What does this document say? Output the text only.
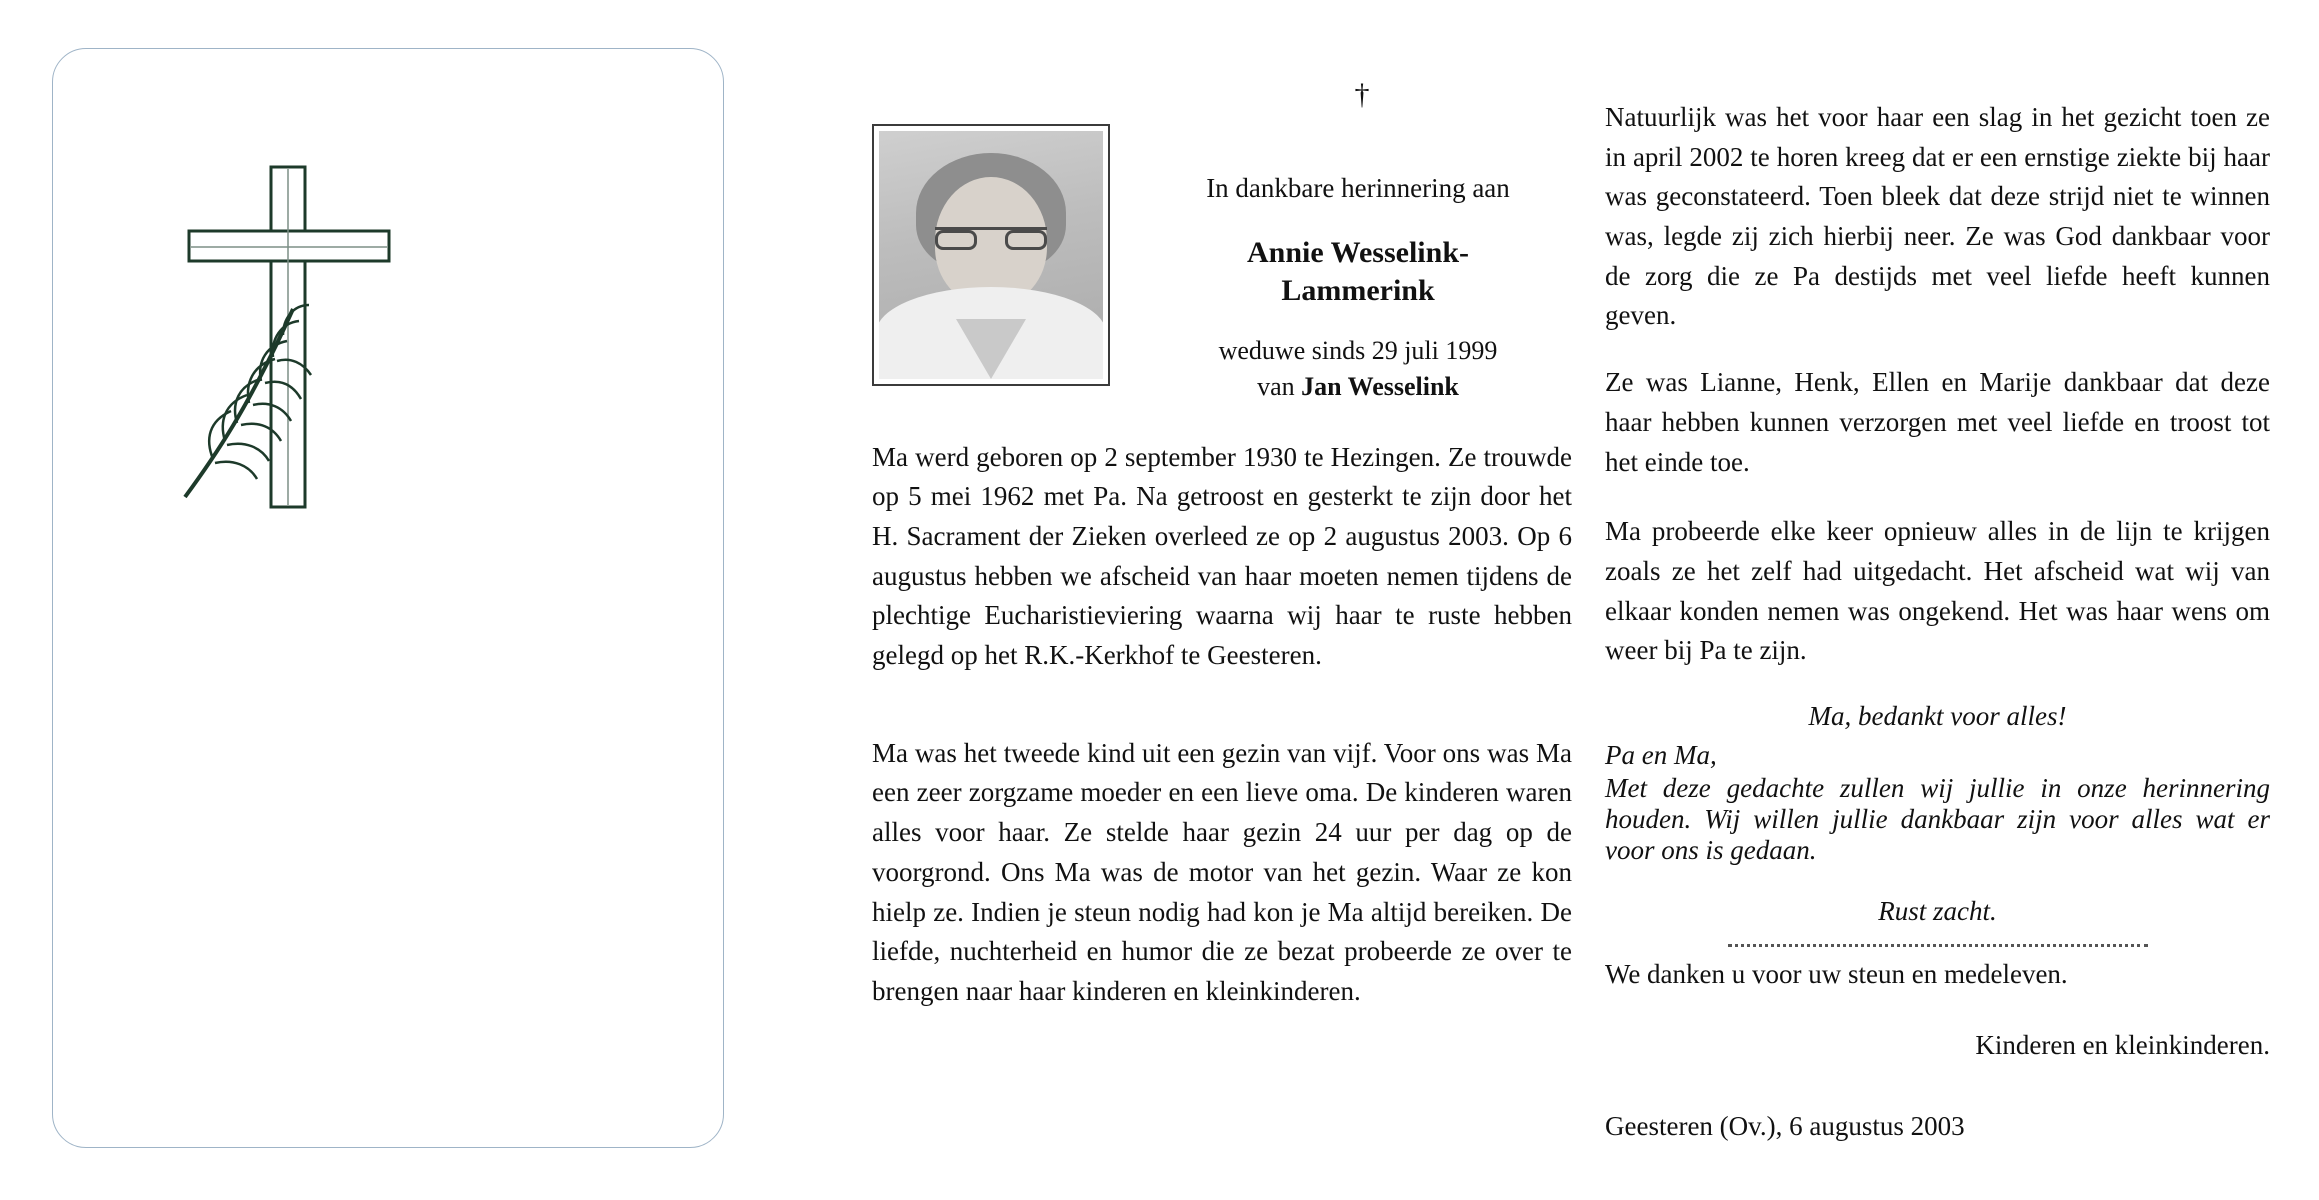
†
In dankbare herinnering aan
Annie Wesselink-
Lammerink
weduwe sinds 29 juli 1999
van Jan Wesselink

Ma werd geboren op 2 september 1930 te Hezingen. Ze trouwde op 5 mei 1962 met Pa. Na getroost en gesterkt te zijn door het H. Sacrament der Zieken overleed ze op 2 augustus 2003. Op 6 augustus hebben we afscheid van haar moeten nemen tijdens de plechtige Eucharistieviering waarna wij haar te ruste hebben gelegd op het R.K.-Kerkhof te Geesteren.

Ma was het tweede kind uit een gezin van vijf. Voor ons was Ma een zeer zorgzame moeder en een lieve oma. De kinderen waren alles voor haar. Ze stelde haar gezin 24 uur per dag op de voorgrond. Ons Ma was de motor van het gezin. Waar ze kon hielp ze. Indien je steun nodig had kon je Ma altijd bereiken. De liefde, nuchterheid en humor die ze bezat probeerde ze over te brengen naar haar kinderen en kleinkinderen.

Natuurlijk was het voor haar een slag in het gezicht toen ze in april 2002 te horen kreeg dat er een ernstige ziekte bij haar was geconstateerd. Toen bleek dat deze strijd niet te winnen was, legde zij zich hierbij neer. Ze was God dankbaar voor de zorg die ze Pa destijds met veel liefde heeft kunnen geven.

Ze was Lianne, Henk, Ellen en Marije dankbaar dat deze haar hebben kunnen verzorgen met veel liefde en troost tot het einde toe.

Ma probeerde elke keer opnieuw alles in de lijn te krijgen zoals ze het zelf had uitgedacht. Het afscheid wat wij van elkaar konden nemen was ongekend. Het was haar wens om weer bij Pa te zijn.

Ma, bedankt voor alles!
Pa en Ma,
Met deze gedachte zullen wij jullie in onze herinnering houden. Wij willen jullie dankbaar zijn voor alles wat er voor ons is gedaan.
Rust zacht.
We danken u voor uw steun en medeleven.
Kinderen en kleinkinderen.
Geesteren (Ov.), 6 augustus 2003
